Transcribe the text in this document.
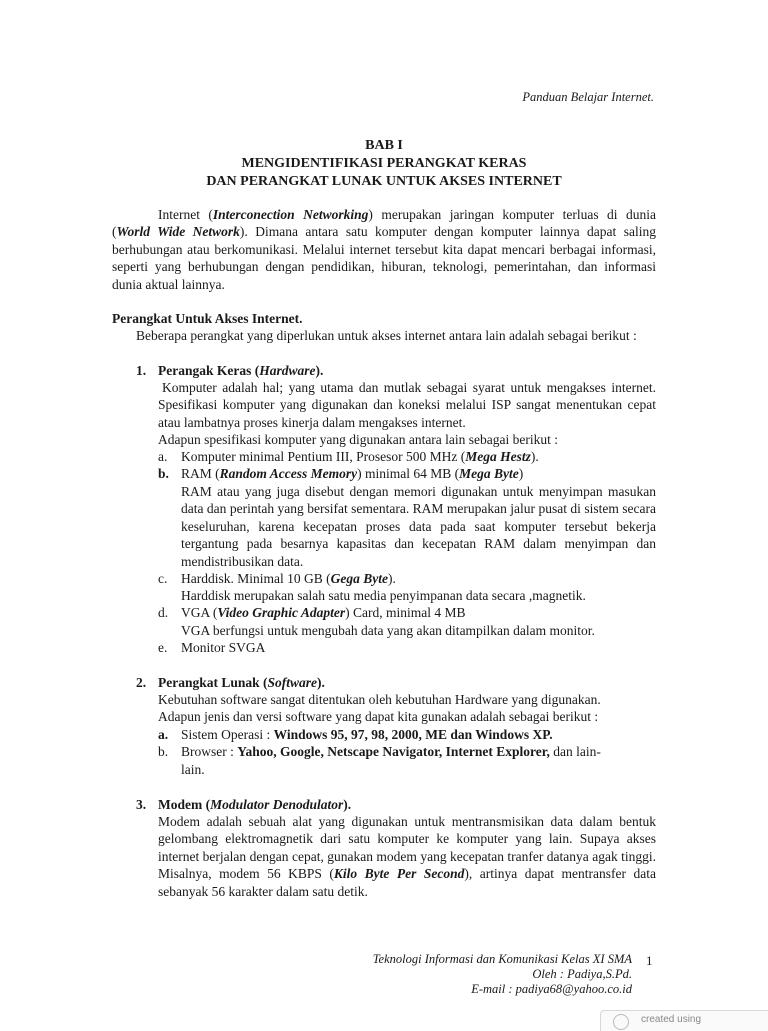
Panduan Belajar Internet.
BAB I
MENGIDENTIFIKASI PERANGKAT KERAS
DAN PERANGKAT LUNAK UNTUK AKSES INTERNET

Internet (Interconection Networking) merupakan jaringan komputer terluas di dunia (World Wide Network). Dimana antara satu komputer dengan komputer lainnya dapat saling berhubungan atau berkomunikasi. Melalui internet tersebut kita dapat mencari berbagai informasi, seperti yang berhubungan dengan pendidikan, hiburan, teknologi, pemerintahan, dan informasi dunia aktual lainnya.

Perangkat Untuk Akses Internet.

Beberapa perangkat yang diperlukan untuk akses internet antara lain adalah sebagai berikut :

1. Perangak Keras (Hardware).

Komputer adalah hal; yang utama dan mutlak sebagai syarat untuk mengakses internet. Spesifikasi komputer yang digunakan dan koneksi melalui ISP sangat menentukan cepat atau lambatnya proses kinerja dalam mengakses internet.

Adapun spesifikasi komputer yang digunakan antara lain sebagai berikut :
a. Komputer minimal Pentium III, Prosesor 500 MHz (Mega Hestz).
b. RAM (Random Access Memory) minimal 64 MB (Mega Byte)

RAM atau yang juga disebut dengan memori digunakan untuk menyimpan masukan data dan perintah yang bersifat sementara. RAM merupakan jalur pusat di sistem secara keseluruhan, karena kecepatan proses data pada saat komputer tersebut bekerja tergantung pada besarnya kapasitas dan kecepatan RAM dalam menyimpan dan mendistribusikan data.

c. Harddisk. Minimal 10 GB (Gega Byte).
Harddisk merupakan salah satu media penyimpanan data secara ,magnetik.
d. VGA (Video Graphic Adapter) Card, minimal 4 MB
VGA berfungsi untuk mengubah data yang akan ditampilkan dalam monitor.
e. Monitor SVGA
2. Perangkat Lunak (Software).
Kebutuhan software sangat ditentukan oleh kebutuhan Hardware yang digunakan.
Adapun jenis dan versi software yang dapat kita gunakan adalah sebagai berikut :
a. Sistem Operasi : Windows 95, 97, 98, 2000, ME dan Windows XP.
b. Browser : Yahoo, Google, Netscape Navigator, Internet Explorer, dan lain-
lain.
3. Modem (Modulator Denodulator).

Modem adalah sebuah alat yang digunakan untuk mentransmisikan data dalam bentuk gelombang elektromagnetik dari satu komputer ke komputer yang lain. Supaya akses internet berjalan dengan cepat, gunakan modem yang kecepatan tranfer datanya agak tinggi. Misalnya, modem 56 KBPS (Kilo Byte Per Second), artinya dapat mentransfer data sebanyak 56 karakter dalam satu detik.

Teknologi Informasi dan Komunikasi Kelas XI SMA
Oleh : Padiya,S.Pd.
E-mail : padiya68@yahoo.co.id
1
created using
